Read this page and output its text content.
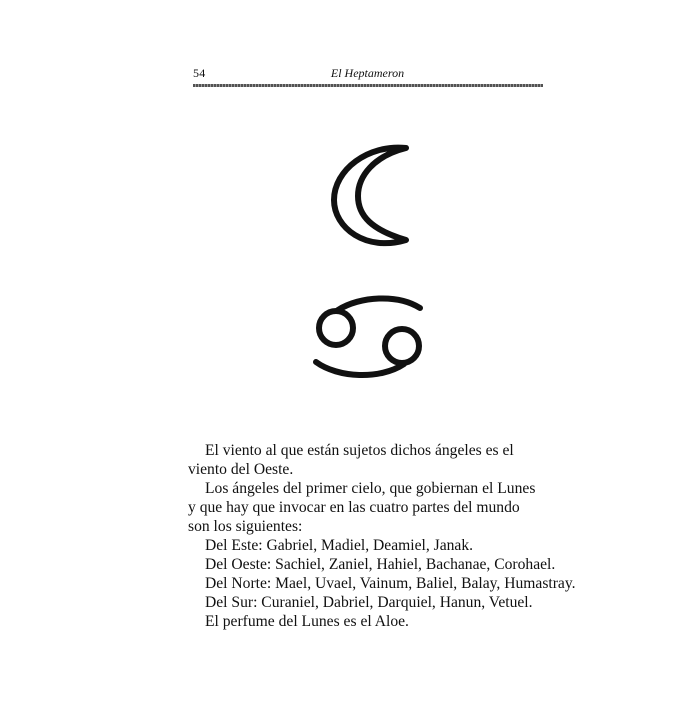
54	El Heptameron

El viento al que están sujetos dichos ángeles es el
viento del Oeste.

Los ángeles del primer cielo, que gobiernan el Lunes
y que hay que invocar en las cuatro partes del mundo
son los siguientes:

Del Este: Gabriel, Madiel, Deamiel, Janak.

Del Oeste: Sachiel, Zaniel, Hahiel, Bachanae, Corohael.

Del Norte: Mael, Uvael, Vainum, Baliel, Balay, Humastray.

Del Sur: Curaniel, Dabriel, Darquiel, Hanun, Vetuel.

El perfume del Lunes es el Aloe.
